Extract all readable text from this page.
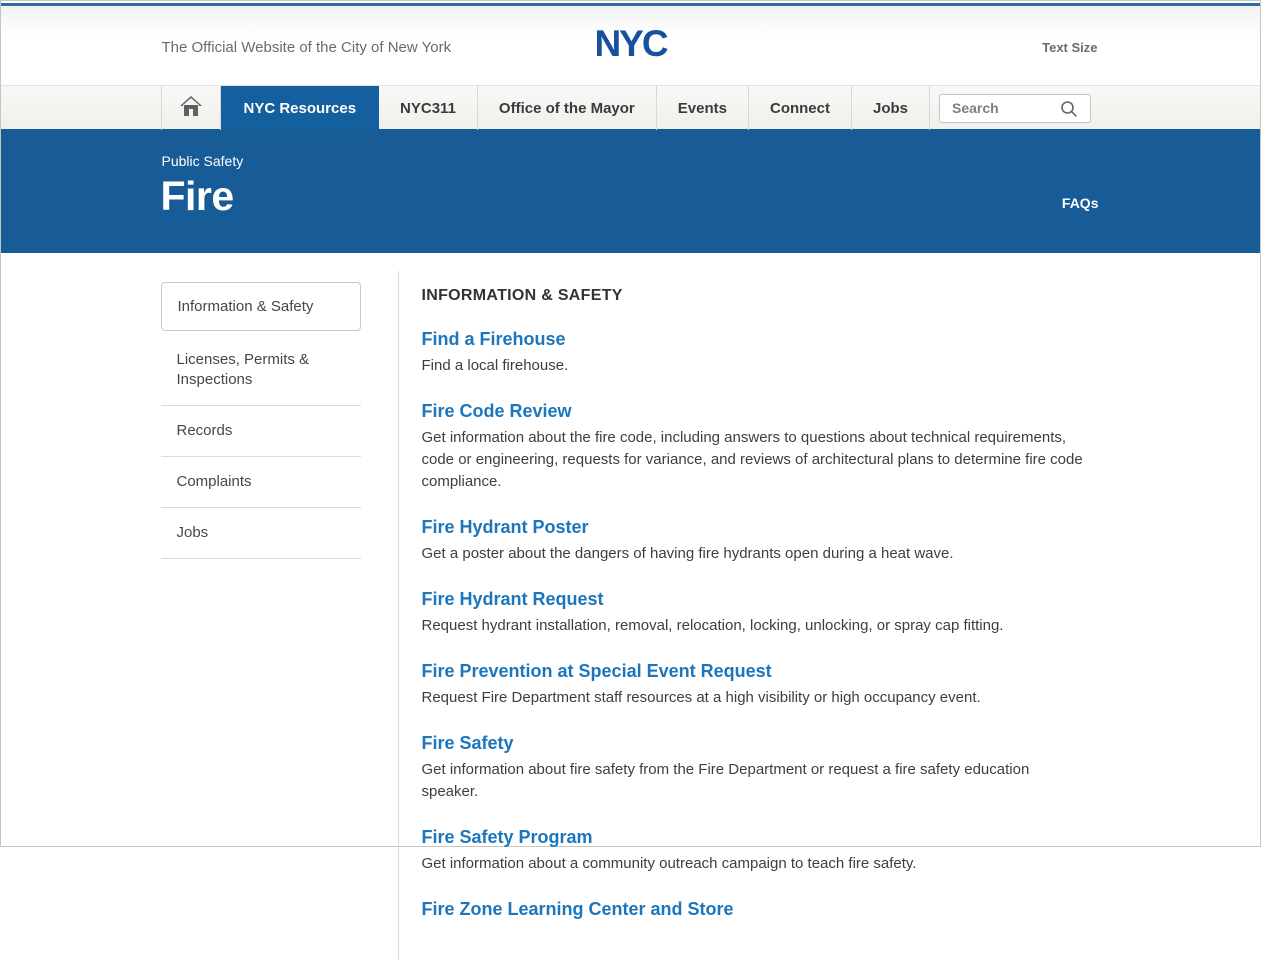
The Official Website of the City of New York	NYC	Text Size
NYC Resources	NYC311	Office of the Mayor	Events	Connect	Jobs
Search
Public Safety
Fire	FAQs
Information & Safety
Licenses, Permits & Inspections
Records
Complaints
Jobs
INFORMATION & SAFETY
Find a Firehouse
Find a local firehouse.
Fire Code Review
Get information about the fire code, including answers to questions about technical requirements, code or engineering, requests for variance, and reviews of architectural plans to determine fire code compliance.
Fire Hydrant Poster
Get a poster about the dangers of having fire hydrants open during a heat wave.
Fire Hydrant Request
Request hydrant installation, removal, relocation, locking, unlocking, or spray cap fitting.
Fire Prevention at Special Event Request
Request Fire Department staff resources at a high visibility or high occupancy event.
Fire Safety
Get information about fire safety from the Fire Department or request a fire safety education speaker.
Fire Safety Program
Get information about a community outreach campaign to teach fire safety.
Fire Zone Learning Center and Store
